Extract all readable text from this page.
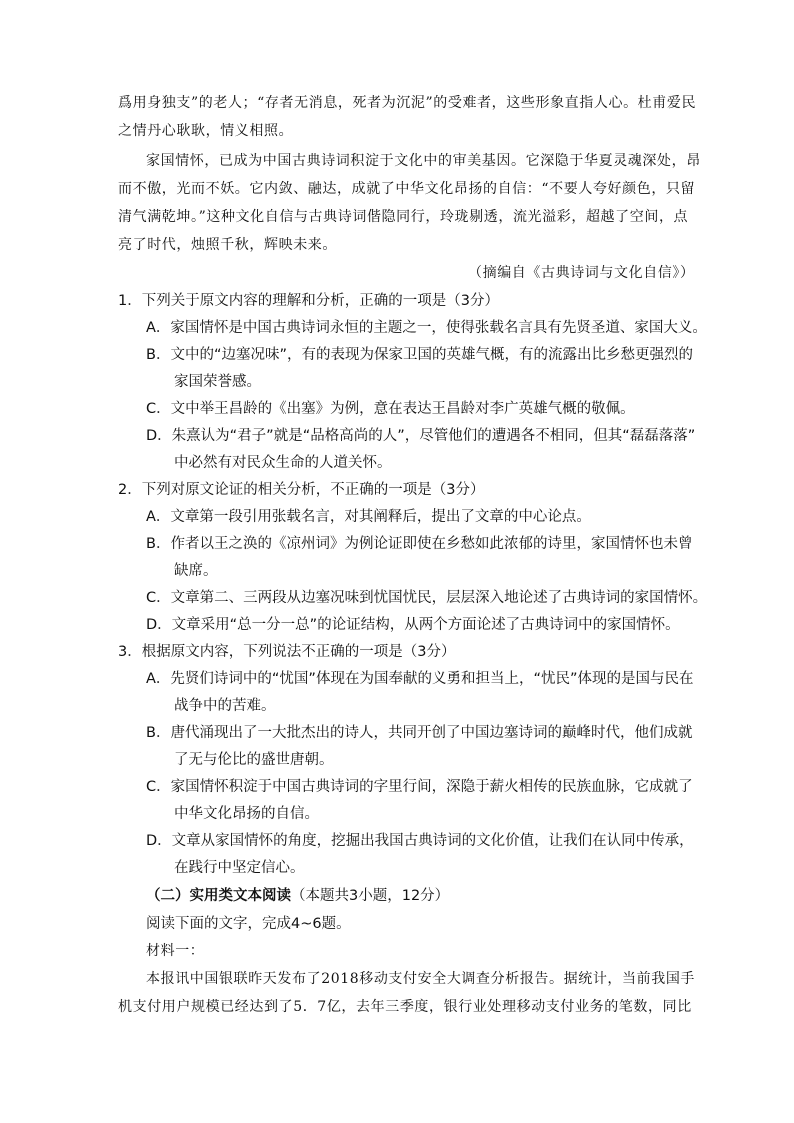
爲用身独支”的老人；“存者无消息，死者为沉泥”的受难者，这些形象直指人心。杜甫爱民
之情丹心耿耿，情义相照。
家国情怀，已成为中国古典诗词积淀于文化中的审美基因。它深隐于华夏灵魂深处，昂
而不傲，光而不妖。它内敛、融达，成就了中华文化昂扬的自信：“不要人夸好颜色，只留
清气满乾坤。”这种文化自信与古典诗词偕隐同行，玲珑剔透，流光溢彩，超越了空间，点
亮了时代，烛照千秋，辉映未来。
（摘编自《古典诗词与文化自信》）
1．下列关于原文内容的理解和分析，正确的一项是（3分）
A．家国情怀是中国古典诗词永恒的主题之一，使得张载名言具有先贤圣道、家国大义。
B．文中的“边塞况味”，有的表现为保家卫国的英雄气概，有的流露出比乡愁更强烈的
家国荣誉感。
C．文中举王昌龄的《出塞》为例，意在表达王昌龄对李广英雄气概的敬佩。
D．朱熹认为“君子”就是“品格高尚的人”，尽管他们的遭遇各不相同，但其“磊磊落落”
中必然有对民众生命的人道关怀。
2．下列对原文论证的相关分析，不正确的一项是（3分）
A．文章第一段引用张载名言，对其阐释后，提出了文章的中心论点。
B．作者以王之涣的《凉州词》为例论证即使在乡愁如此浓郁的诗里，家国情怀也未曾
缺席。
C．文章第二、三两段从边塞况味到忧国忧民，层层深入地论述了古典诗词的家国情怀。
D．文章采用“总一分一总”的论证结构，从两个方面论述了古典诗词中的家国情怀。
3．根据原文内容，下列说法不正确的一项是（3分）
A．先贤们诗词中的“忧国”体现在为国奉献的义勇和担当上，“忧民”体现的是国与民在
战争中的苦难。
B．唐代涌现出了一大批杰出的诗人，共同开创了中国边塞诗词的巅峰时代，他们成就
了无与伦比的盛世唐朝。
C．家国情怀积淀于中国古典诗词的字里行间，深隐于薪火相传的民族血脉，它成就了
中华文化昂扬的自信。
D．文章从家国情怀的角度，挖掘出我国古典诗词的文化价值，让我们在认同中传承，
在践行中坚定信心。
（二）实用类文本阅读（本题共3小题，12分）
阅读下面的文字，完成4~6题。
材料一：
本报讯中国银联昨天发布了2018移动支付安全大调查分析报告。据统计，当前我国手
机支付用户规模已经达到了5．7亿，去年三季度，银行业处理移动支付业务的笔数，同比
